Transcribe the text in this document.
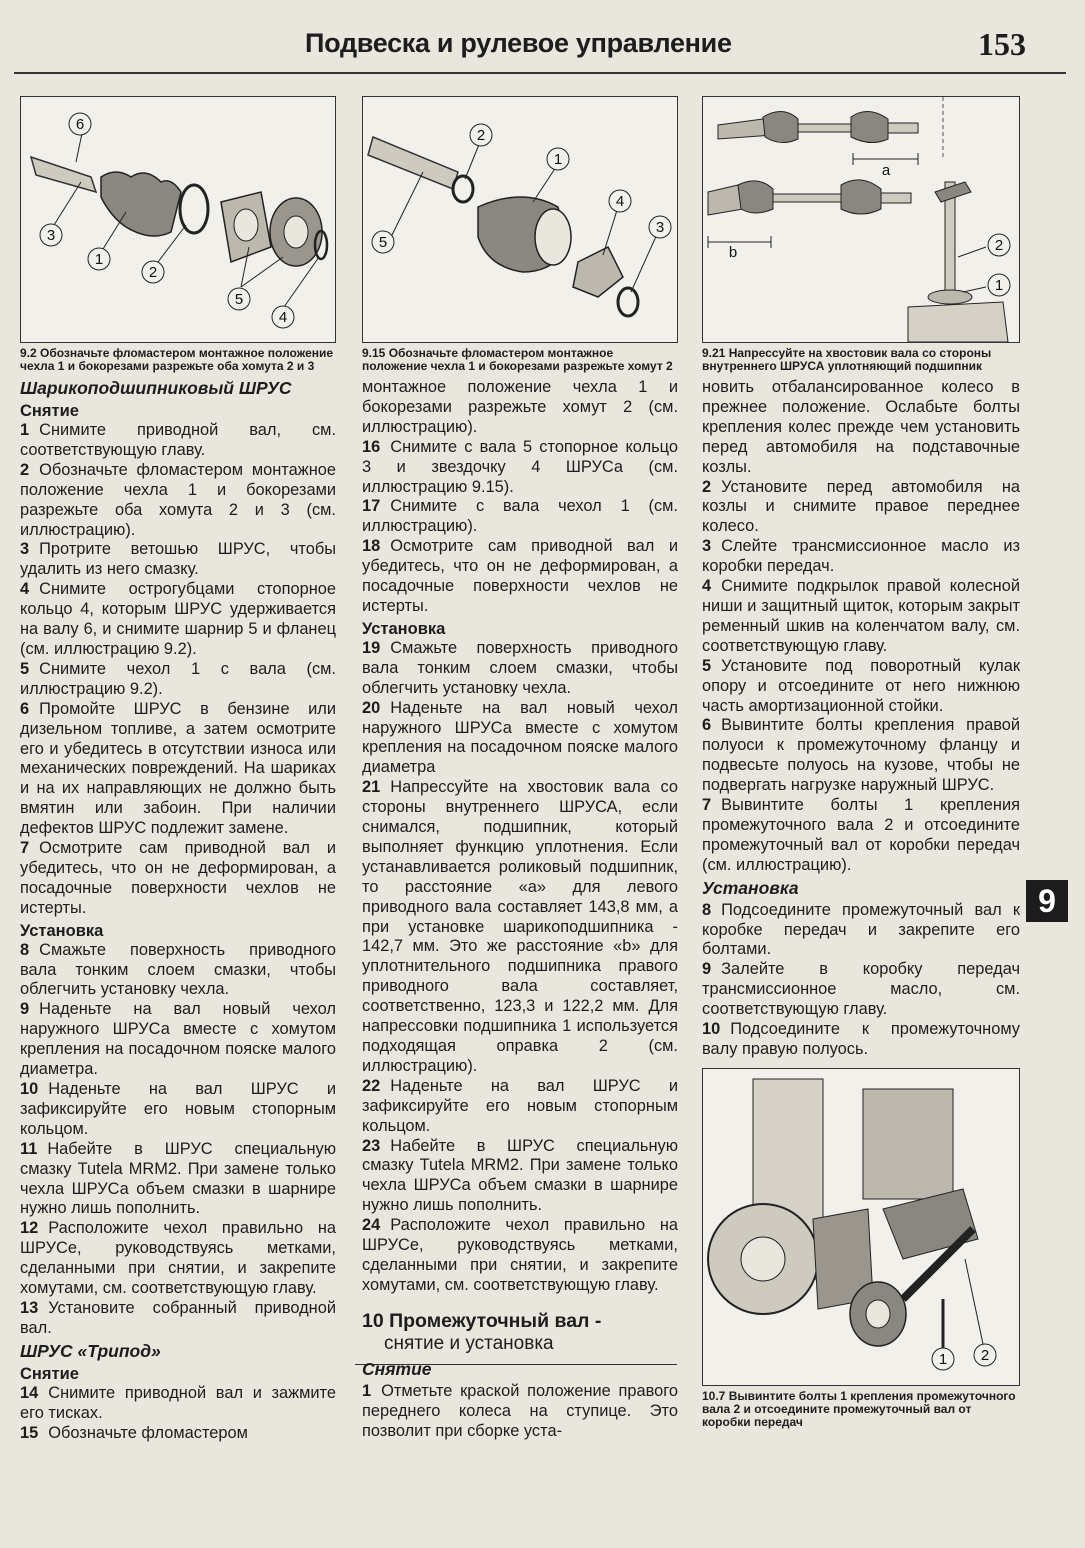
Подвеска и рулевое управление	153
9
6
3
1
2
5
4
9.2 Обозначьте фломастером монтажное положение чехла 1 и бокорезами разрежьте оба хомута 2 и 3
Шарикоподшипниковый ШРУС
Снятие

1 Снимите приводной вал, см. соответствующую главу.

2 Обозначьте фломастером монтажное положение чехла 1 и бокорезами разрежьте оба хомута 2 и 3 (см. иллюстрацию).

3 Протрите ветошью ШРУС, чтобы удалить из него смазку.

4 Снимите острогубцами стопорное кольцо 4, которым ШРУС удерживается на валу 6, и снимите шарнир 5 и фланец (см. иллюстрацию 9.2).

5 Снимите чехол 1 с вала (см. иллюстрацию 9.2).

6 Промойте ШРУС в бензине или дизельном топливе, а затем осмотрите его и убедитесь в отсутствии износа или механических повреждений. На шариках и на их направляющих не должно быть вмятин или забоин. При наличии дефектов ШРУС подлежит замене.

7 Осмотрите сам приводной вал и убедитесь, что он не деформирован, а посадочные поверхности чехлов не истерты.

Установка

8 Смажьте поверхность приводного вала тонким слоем смазки, чтобы облегчить установку чехла.

9 Наденьте на вал новый чехол наружного ШРУСа вместе с хомутом крепления на посадочном пояске малого диаметра.

10 Наденьте на вал ШРУС и зафиксируйте его новым стопорным кольцом.

11 Набейте в ШРУС специальную смазку Tutela MRM2. При замене только чехла ШРУСа объем смазки в шарнире нужно лишь пополнить.

12 Расположите чехол правильно на ШРУСе, руководствуясь метками, сделанными при снятии, и закрепите хомутами, см. соответствующую главу.

13 Установите собранный приводной вал.

ШРУС «Трипод»
Снятие

14 Снимите приводной вал и зажмите его тисках.

15 Обозначьте фломастером

2
1
5
4
3
9.15 Обозначьте фломастером монтажное положение чехла 1 и бокорезами разрежьте хомут 2

монтажное положение чехла 1 и бокорезами разрежьте хомут 2 (см. иллюстрацию).

16 Снимите с вала 5 стопорное кольцо 3 и звездочку 4 ШРУСа (см. иллюстрацию 9.15).

17 Снимите с вала чехол 1 (см. иллюстрацию).

18 Осмотрите сам приводной вал и убедитесь, что он не деформирован, а посадочные поверхности чехлов не истерты.

Установка

19 Смажьте поверхность приводного вала тонким слоем смазки, чтобы облегчить установку чехла.

20 Наденьте на вал новый чехол наружного ШРУСа вместе с хомутом крепления на посадочном пояске малого диаметра

21 Напрессуйте на хвостовик вала со стороны внутреннего ШРУСА, если снимался, подшипник, который выполняет функцию уплотнения. Если устанавливается роликовый подшипник, то расстояние «а» для левого приводного вала составляет 143,8 мм, а при установке шарикоподшипника - 142,7 мм. Это же расстояние «b» для уплотнительного подшипника правого приводного вала составляет, соответственно, 123,3 и 122,2 мм. Для напрессовки подшипника 1 используется подходящая оправка 2 (см. иллюстрацию).

22 Наденьте на вал ШРУС и зафиксируйте его новым стопорным кольцом.

23 Набейте в ШРУС специальную смазку Tutela MRM2. При замене только чехла ШРУСа объем смазки в шарнире нужно лишь пополнить.

24 Расположите чехол правильно на ШРУСе, руководствуясь метками, сделанными при снятии, и закрепите хомутами, см. соответствующую главу.

10 Промежуточный вал -
снятие и установка
Снятие

1 Отметьте краской положение правого переднего колеса на ступице. Это позволит при сборке уста-

a
b	2
1
9.21 Напрессуйте на хвостовик вала со стороны внутреннего ШРУСА уплотняющий подшипник

новить отбалансированное колесо в прежнее положение. Ослабьте болты крепления колес прежде чем установить перед автомобиля на подставочные козлы.

2 Установите перед автомобиля на козлы и снимите правое переднее колесо.

3 Слейте трансмиссионное масло из коробки передач.

4 Снимите подкрылок правой колесной ниши и защитный щиток, которым закрыт ременный шкив на коленчатом валу, см. соответствующую главу.

5 Установите под поворотный кулак опору и отсоедините от него нижнюю часть амортизационной стойки.

6 Вывинтите болты крепления правой полуоси к промежуточному фланцу и подвесьте полуось на кузове, чтобы не подвергать нагрузке наружный ШРУС.

7 Вывинтите болты 1 крепления промежуточного вала 2 и отсоедините промежуточный вал от коробки передач (см. иллюстрацию).

Установка

8 Подсоедините промежуточный вал к коробке передач и закрепите его болтами.

9 Залейте в коробку передач трансмиссионное масло, см. соответствующую главу.

10 Подсоедините к промежуточному валу правую полуось.

1 2
10.7 Вывинтите болты 1 крепления промежуточного вала 2 и отсоедините промежуточный вал от коробки передач
